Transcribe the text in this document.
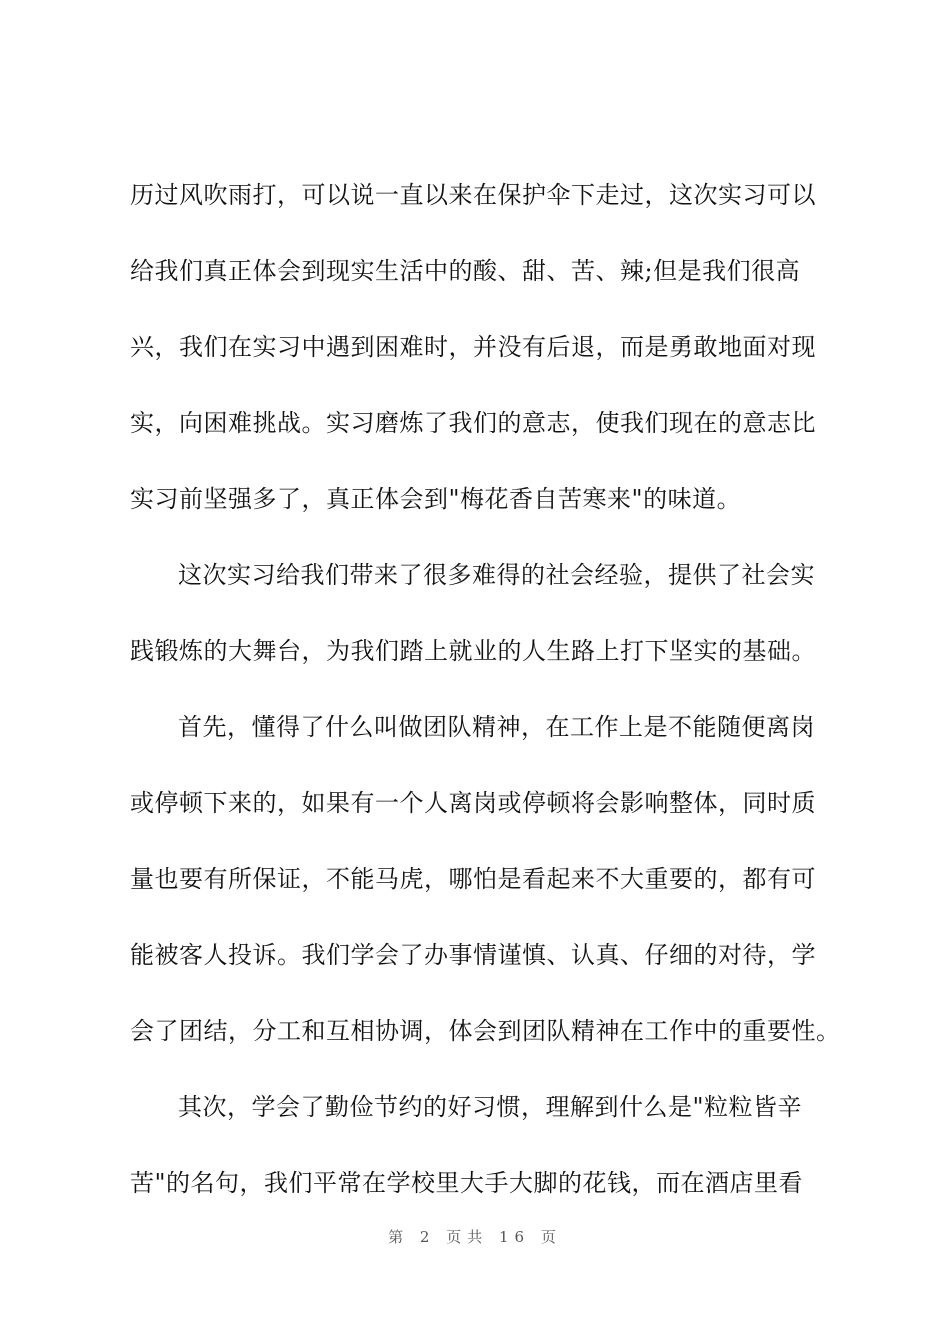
历过风吹雨打，可以说一直以来在保护伞下走过，这次实习可以
给我们真正体会到现实生活中的酸、甜、苦、辣;但是我们很高
兴，我们在实习中遇到困难时，并没有后退，而是勇敢地面对现
实，向困难挑战。实习磨炼了我们的意志，使我们现在的意志比
实习前坚强多了，真正体会到"梅花香自苦寒来"的味道。
这次实习给我们带来了很多难得的社会经验，提供了社会实
践锻炼的大舞台，为我们踏上就业的人生路上打下坚实的基础。
首先，懂得了什么叫做团队精神，在工作上是不能随便离岗
或停顿下来的，如果有一个人离岗或停顿将会影响整体，同时质
量也要有所保证，不能马虎，哪怕是看起来不大重要的，都有可
能被客人投诉。我们学会了办事情谨慎、认真、仔细的对待，学
会了团结，分工和互相协调，体会到团队精神在工作中的重要性。
其次，学会了勤俭节约的好习惯，理解到什么是"粒粒皆辛
苦"的名句，我们平常在学校里大手大脚的花钱，而在酒店里看
第 2 页共 16 页
